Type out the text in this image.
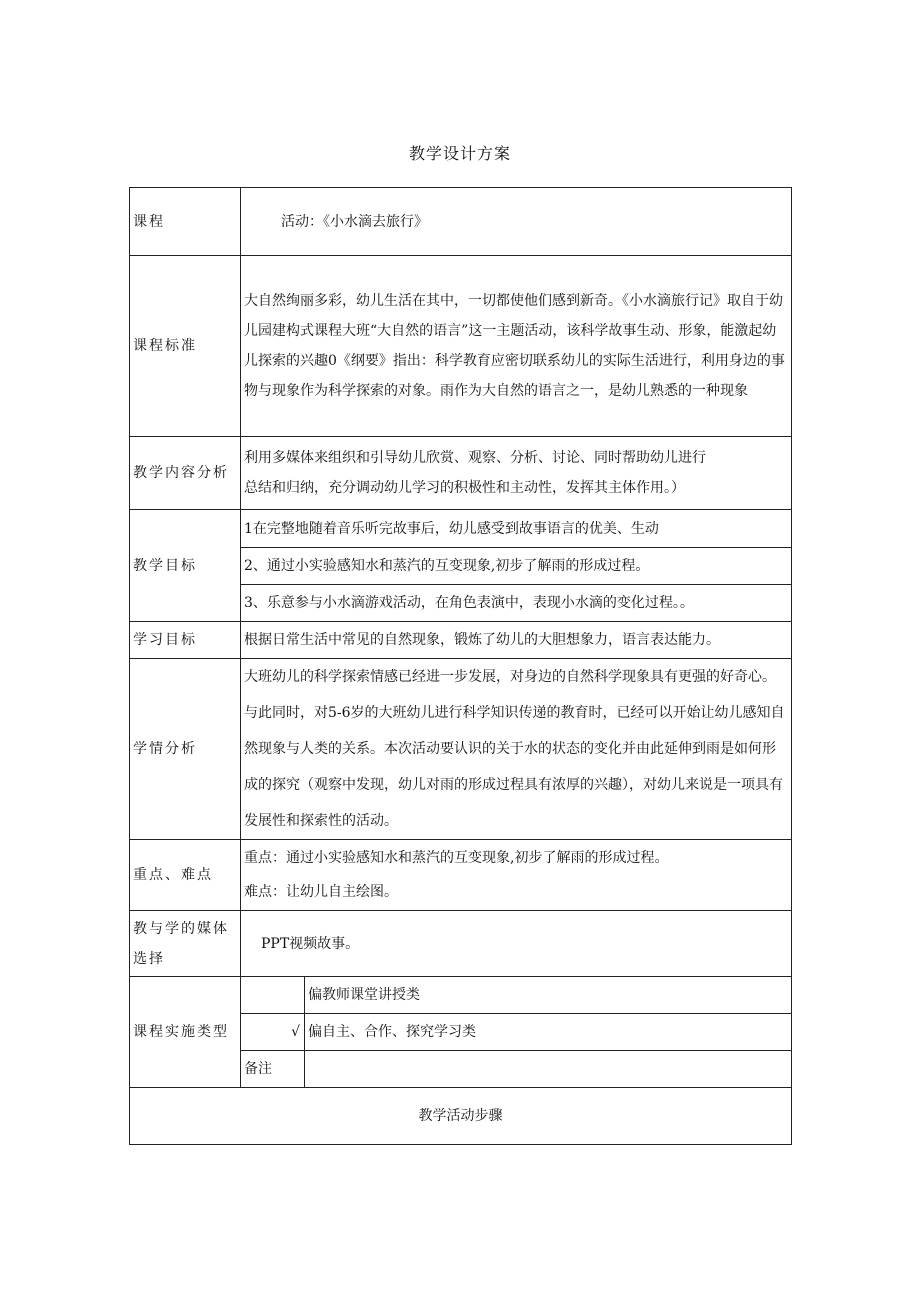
教学设计方案
课程	活动：《小水滴去旅行》	
课程标准	大自然绚丽多彩，幼儿生活在其中，一切都使他们感到新奇。《小水滴旅行记》取自于幼儿园建构式课程大班“大自然的语言”这一主题活动，该科学故事生动、形象，能激起幼儿探索的兴趣0《纲要》指出：科学教育应密切联系幼儿的实际生活进行，利用身边的事物与现象作为科学探索的对象。雨作为大自然的语言之一，是幼儿熟悉的一种现象	
教学内容分析	利用多媒体来组织和引导幼儿欣赏、观察、分析、讨论、同时帮助幼儿进行
总结和归纳，充分调动幼儿学习的积极性和主动性，发挥其主体作用。）	

教学目标	1在完整地随着音乐听完故事后，幼儿感受到故事语言的优美、生动	
	2、通过小实验感知水和蒸汽的互变现象,初步了解雨的形成过程。	
	3、乐意参与小水滴游戏活动，在角色表演中，表现小水滴的变化过程。。	
学习目标	根据日常生活中常见的自然现象，锻炼了幼儿的大胆想象力，语言表达能力。	
学情分析	大班幼儿的科学探索情感已经进一步发展，对身边的自然科学现象具有更强的好奇心。与此同时，对5-6岁的大班幼儿进行科学知识传递的教育时，已经可以开始让幼儿感知自然现象与人类的关系。本次活动要认识的关于水的状态的变化并由此延伸到雨是如何形成的探究（观察中发现，幼儿对雨的形成过程具有浓厚的兴趣），对幼儿来说是一项具有发展性和探索性的活动。	
重点、难点	重点：通过小实验感知水和蒸汽的互变现象,初步了解雨的形成过程。
难点：让幼儿自主绘图。	

教与学的媒体选择	PPT视频故事。	
课程实施类型		偏教师课堂讲授类
	√	偏自主、合作、探究学习类
	备注	
教学活动步骤		
